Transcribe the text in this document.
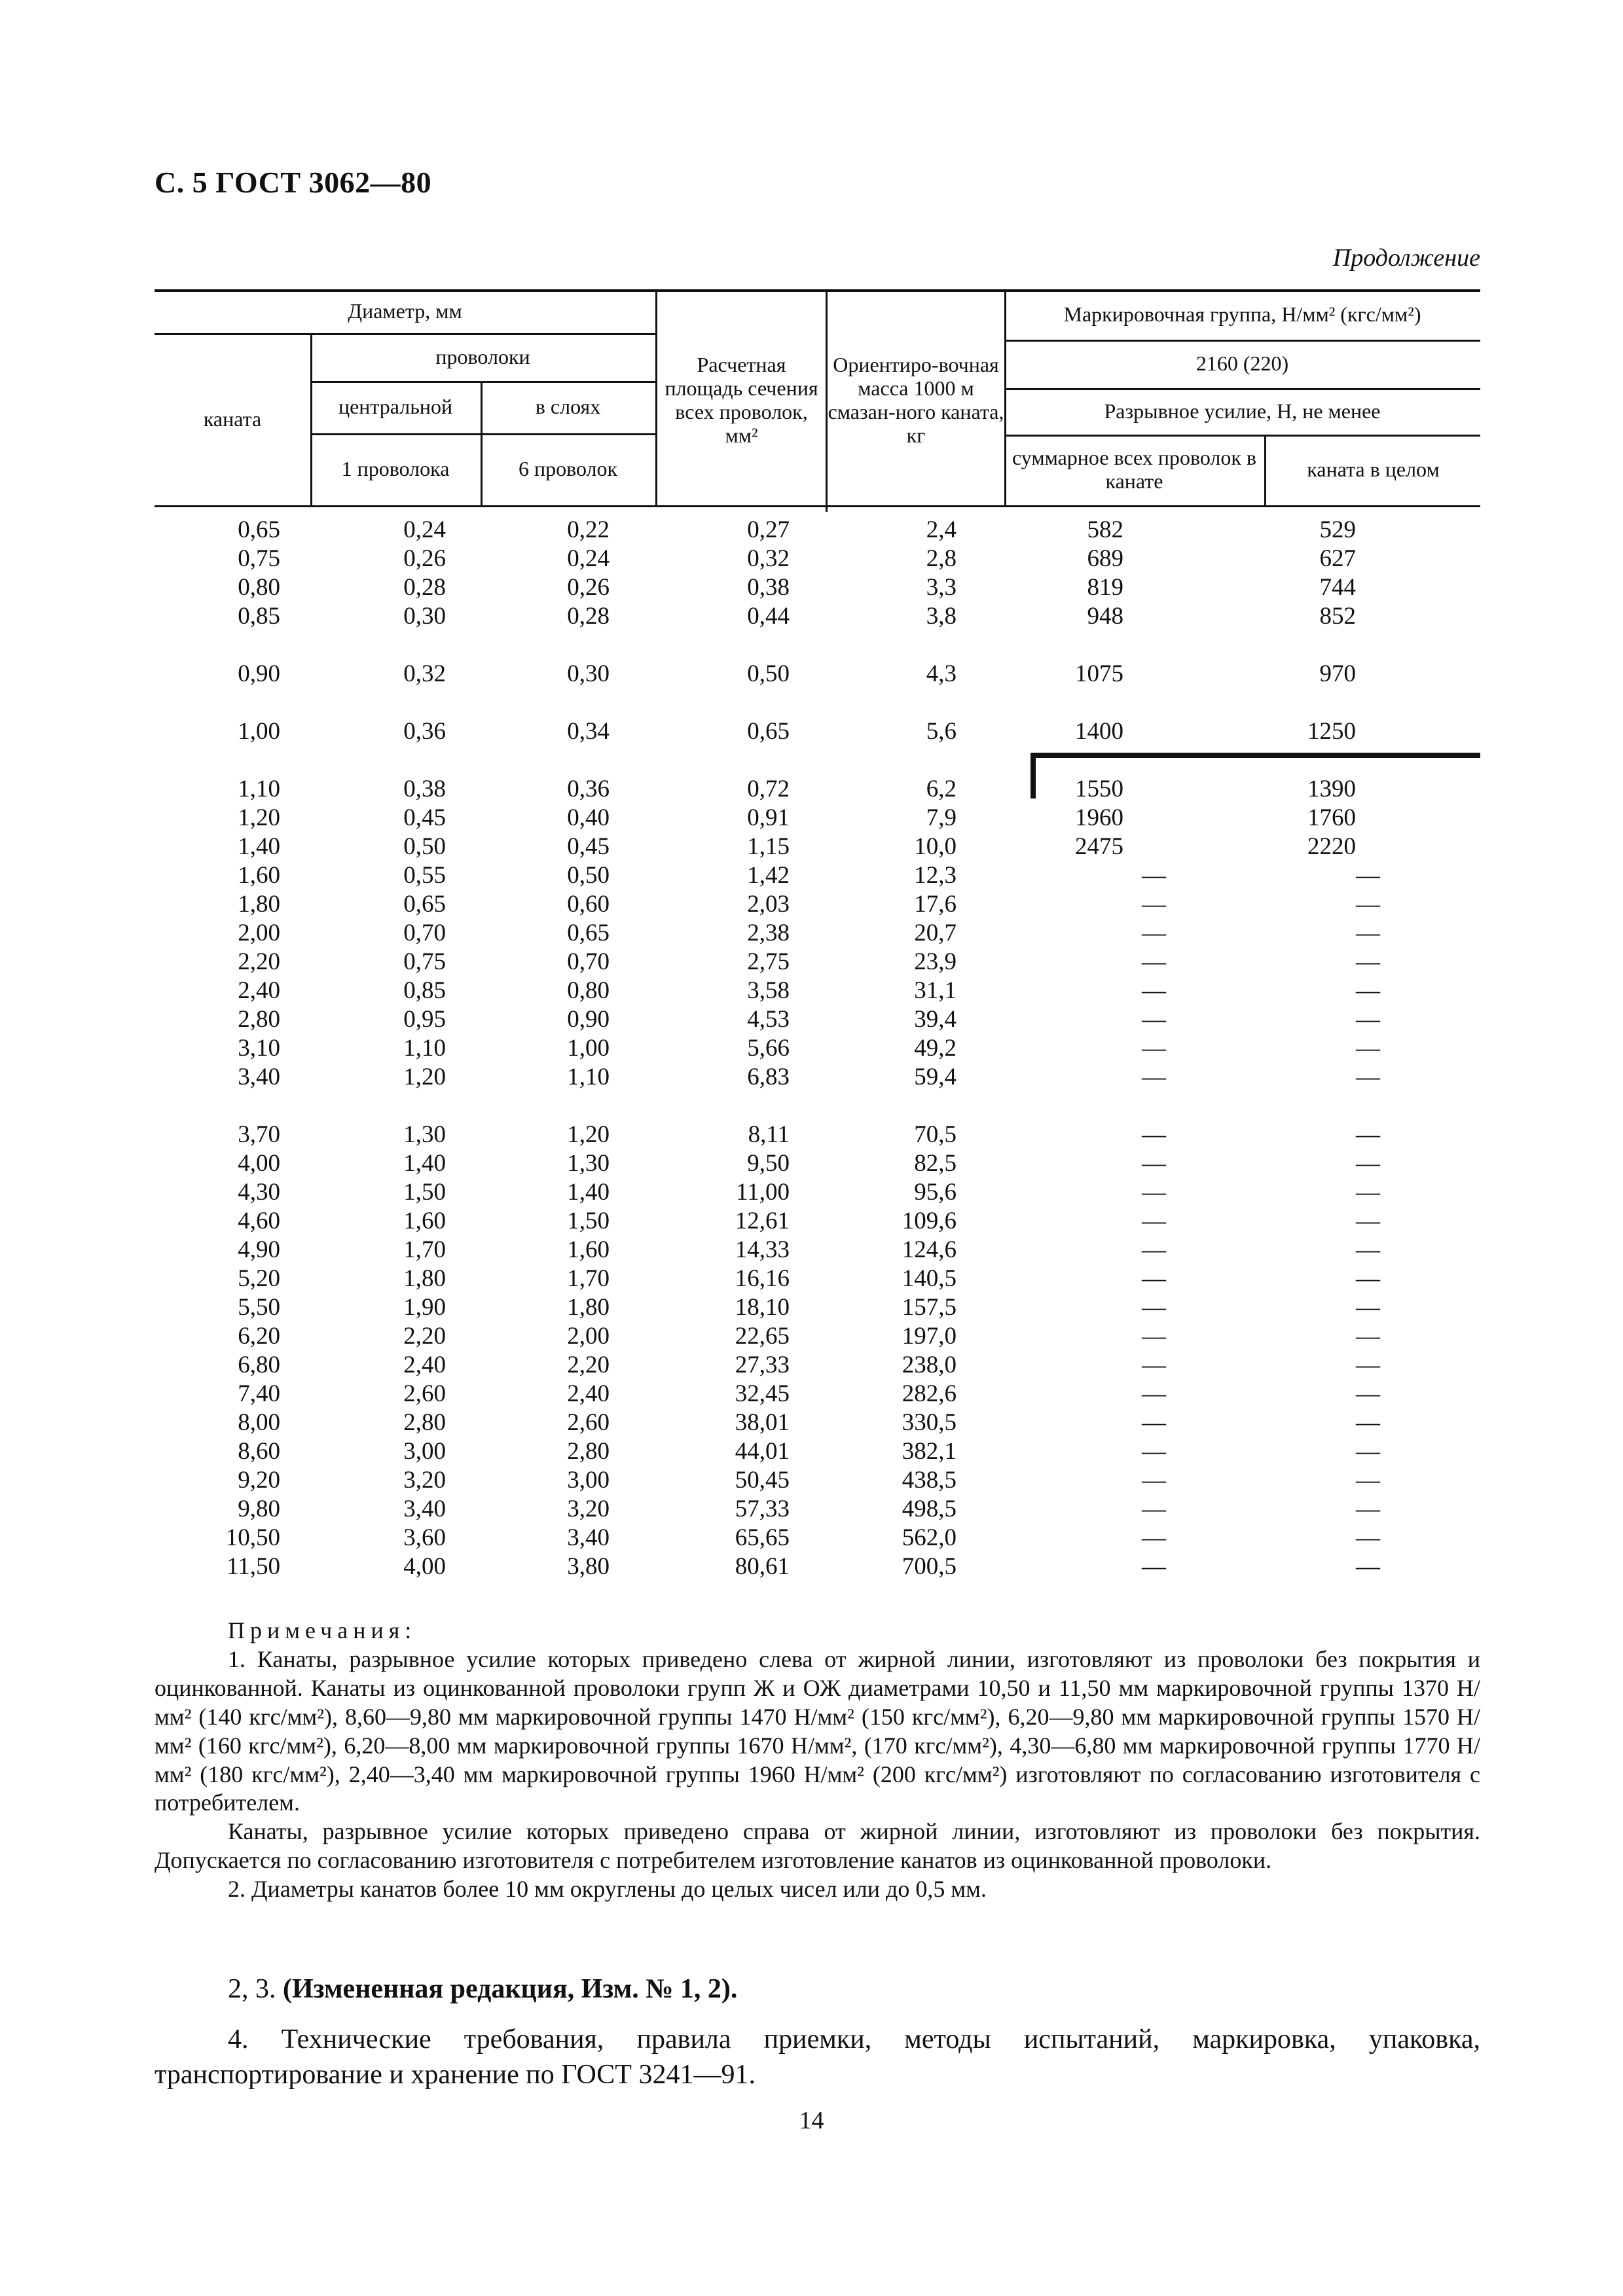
С. 5 ГОСТ 3062—80
Продолжение
Диаметр, мм
проволоки
каната
центральной	в слоях
1 проволока	6 проволок
Расчетная площадь сечения всех проволок, мм²
Ориентиро-вочная масса 1000 м смазан-ного каната, кг
Маркировочная группа, Н/мм² (кгс/мм²)
2160 (220)
Разрывное усилие, Н, не менее
суммарное всех проволок в канате	каната в целом
0,65	0,24	0,22	0,27	2,4	582	529
0,75	0,26	0,24	0,32	2,8	689	627
0,80	0,28	0,26	0,38	3,3	819	744
0,85	0,30	0,28	0,44	3,8	948	852
0,90	0,32	0,30	0,50	4,3	1075	970
1,00	0,36	0,34	0,65	5,6	1400	1250
1,10	0,38	0,36	0,72	6,2	1550	1390
1,20	0,45	0,40	0,91	7,9	1960	1760
1,40	0,50	0,45	1,15	10,0	2475	2220
1,60	0,55	0,50	1,42	12,3	—	—
1,80	0,65	0,60	2,03	17,6	—	—
2,00	0,70	0,65	2,38	20,7	—	—
2,20	0,75	0,70	2,75	23,9	—	—
2,40	0,85	0,80	3,58	31,1	—	—
2,80	0,95	0,90	4,53	39,4	—	—
3,10	1,10	1,00	5,66	49,2	—	—
3,40	1,20	1,10	6,83	59,4	—	—
3,70	1,30	1,20	8,11	70,5	—	—
4,00	1,40	1,30	9,50	82,5	—	—
4,30	1,50	1,40	11,00	95,6	—	—
4,60	1,60	1,50	12,61	109,6	—	—
4,90	1,70	1,60	14,33	124,6	—	—
5,20	1,80	1,70	16,16	140,5	—	—
5,50	1,90	1,80	18,10	157,5	—	—
6,20	2,20	2,00	22,65	197,0	—	—
6,80	2,40	2,20	27,33	238,0	—	—
7,40	2,60	2,40	32,45	282,6	—	—
8,00	2,80	2,60	38,01	330,5	—	—
8,60	3,00	2,80	44,01	382,1	—	—
9,20	3,20	3,00	50,45	438,5	—	—
9,80	3,40	3,20	57,33	498,5	—	—
10,50	3,60	3,40	65,65	562,0	—	—
11,50	4,00	3,80	80,61	700,5	—	—

Примечания:

1. Канаты, разрывное усилие которых приведено слева от жирной линии, изготовляют из проволоки без покрытия и оцинкованной. Канаты из оцинкованной проволоки групп Ж и ОЖ диаметрами 10,50 и 11,50 мм маркировочной группы 1370 Н/мм² (140 кгс/мм²), 8,60—9,80 мм маркировочной группы 1470 Н/мм² (150 кгс/мм²), 6,20—9,80 мм маркировочной группы 1570 Н/мм² (160 кгс/мм²), 6,20—8,00 мм маркировочной группы 1670 Н/мм², (170 кгс/мм²), 4,30—6,80 мм маркировочной группы 1770 Н/мм² (180 кгс/мм²), 2,40—3,40 мм маркировочной группы 1960 Н/мм² (200 кгс/мм²) изготовляют по согласованию изготовителя с потребителем.

Канаты, разрывное усилие которых приведено справа от жирной линии, изготовляют из проволоки без покрытия. Допускается по согласованию изготовителя с потребителем изготовление канатов из оцинкованной проволоки.

2. Диаметры канатов более 10 мм округлены до целых чисел или до 0,5 мм.

2, 3. (Измененная редакция, Изм. № 1, 2).

4. Технические требования, правила приемки, методы испытаний, маркировка, упаковка, транспортирование и хранение по ГОСТ 3241—91.

14
